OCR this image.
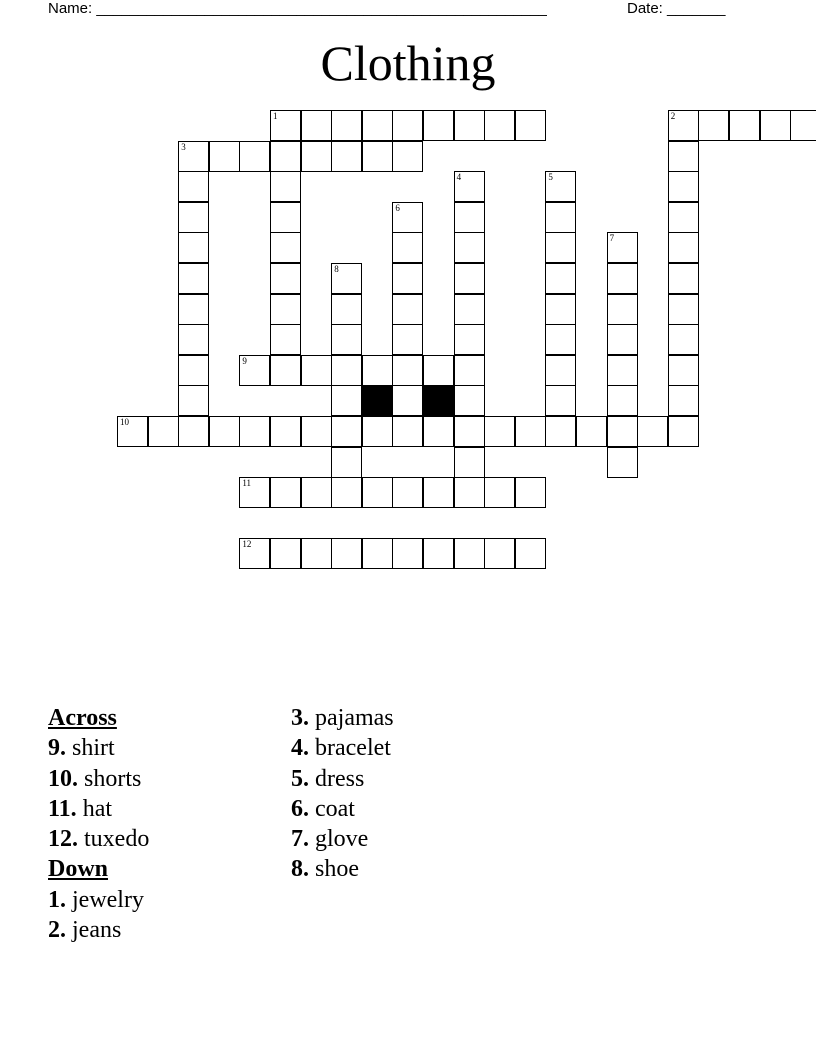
Name: ______________________________________________________	Date: _______
Clothing
1	2
3
4	5
6
7
8
9
10
11
12
Across
9. shirt
10. shorts
11. hat
12. tuxedo
Down
1. jewelry
2. jeans
3. pajamas
4. bracelet
5. dress
6. coat
7. glove
8. shoe
